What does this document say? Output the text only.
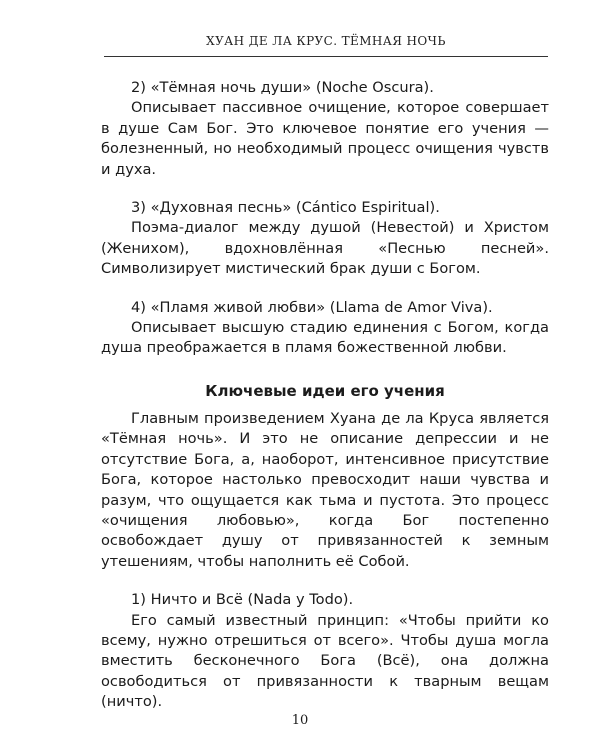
ХУАН ДЕ ЛА КРУС. ТЁМНАЯ НОЧЬ

2) «Тёмная ночь души» (Noche Oscura).

Описывает пассивное очищение, которое совершает в душе Сам Бог. Это ключевое понятие его учения — болезненный, но необходимый процесс очищения чувств и духа.

3) «Духовная песнь» (Cántico Espiritual).

Поэма-диалог между душой (Невестой) и Христом (Женихом), вдохновлённая «Песнью песней». Символизирует мистический брак души с Богом.

4) «Пламя живой любви» (Llama de Amor Viva).

Описывает высшую стадию единения с Богом, когда душа преображается в пламя божественной любви.

Ключевые идеи его учения

Главным произведением Хуана де ла Круса является «Тёмная ночь». И это не описание депрессии и не отсутствие Бога, а, наоборот, интенсивное присутствие Бога, которое настолько превосходит наши чувства и разум, что ощущается как тьма и пустота. Это процесс «очищения любовью», когда Бог постепенно освобождает душу от привязанностей к земным утешениям, чтобы наполнить её Собой.

1) Ничто и Всё (Nada y Todo).

Его самый известный принцип: «Чтобы прийти ко всему, нужно отрешиться от всего». Чтобы душа могла вместить бесконечного Бога (Всё), она должна освободиться от привязанности к тварным вещам (ничто).

10
